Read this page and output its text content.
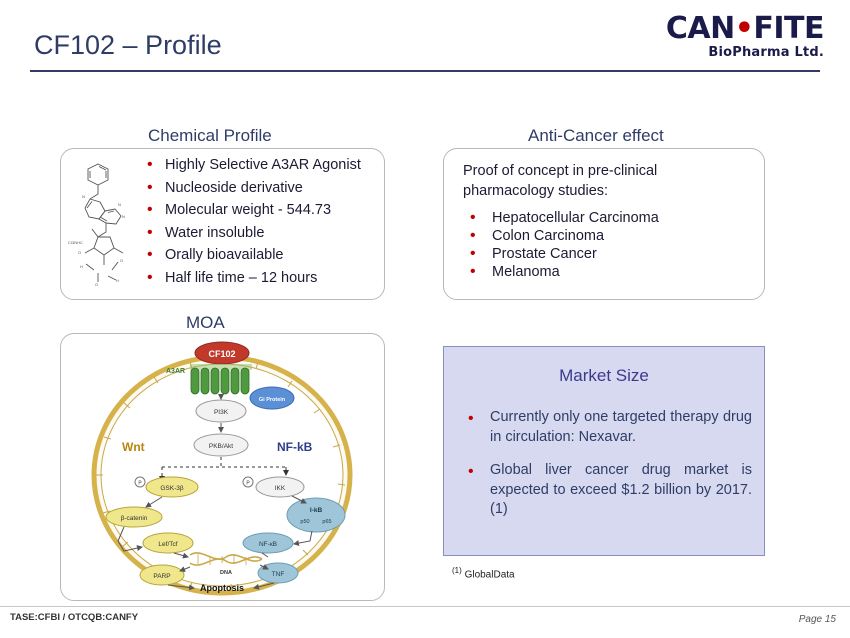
CAN•FITE
BioPharma Ltd.
CF102 – Profile
Chemical Profile	Anti-Cancer effect
MOA
N
N
N
O
CI3NHC
O
H
H
O
• Highly Selective A3AR Agonist
• Nucleoside derivative
• Molecular weight - 544.73
• Water insoluble
• Orally bioavailable
• Half life time – 12 hours
Proof of concept in pre-clinical pharmacology studies:
• Hepatocellular Carcinoma
• Colon Carcinoma
• Prostate Cancer
• Melanoma
Market Size
• Currently only one targeted therapy drug in circulation: Nexavar.
• Global liver cancer drug market is expected to exceed $1.2 billion by 2017. (1)
$^{(1)}$ GlobalData
CF102
A3AR
Gi Protein
PI3K
PKB/Akt
Wnt	NF-kB
GSK-3β
P
IKK
P
β-catenin
I-kB
p50 p65
Lef/Tcf	NF-кB
DNA
PARP	TNF
Apoptosis
TASE:CFBI / OTCQB:CANFY	Page 15
